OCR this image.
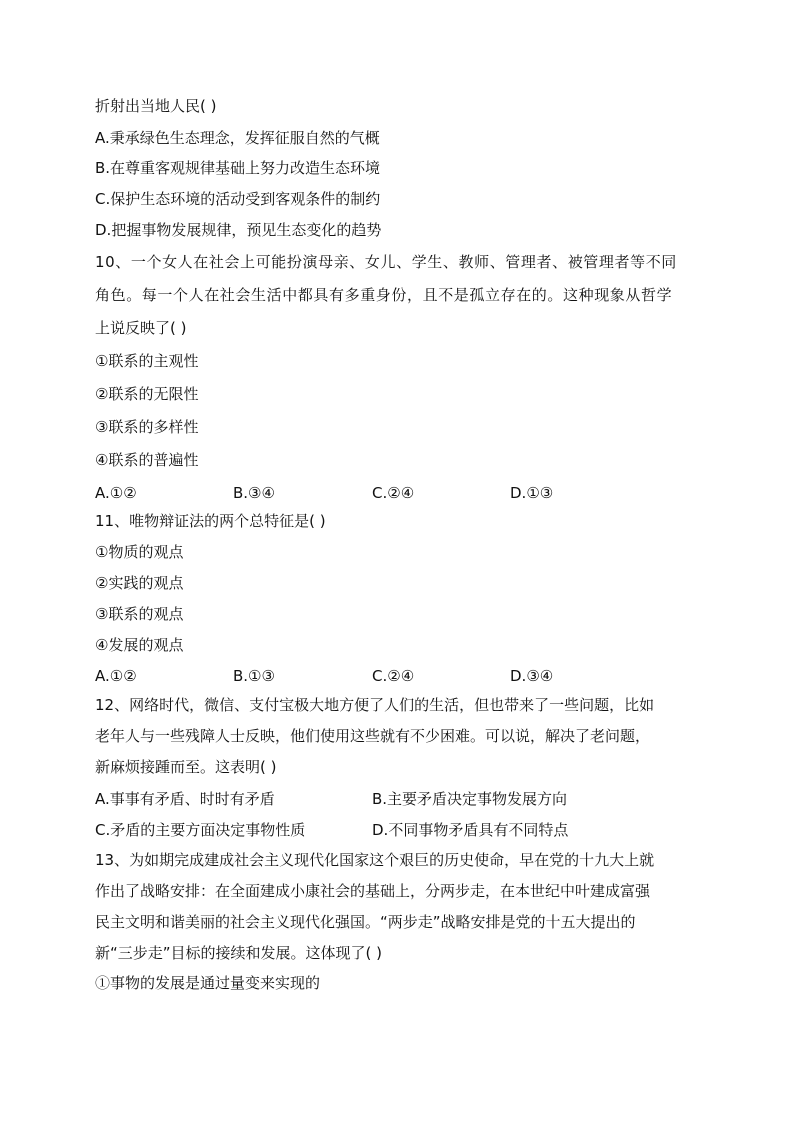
折射出当地人民( )
A.秉承绿色生态理念，发挥征服自然的气概
B.在尊重客观规律基础上努力改造生态环境
C.保护生态环境的活动受到客观条件的制约
D.把握事物发展规律，预见生态变化的趋势
10、一个女人在社会上可能扮演母亲、女儿、学生、教师、管理者、被管理者等不同
角色。每一个人在社会生活中都具有多重身份，且不是孤立存在的。这种现象从哲学
上说反映了( )
①联系的主观性
②联系的无限性
③联系的多样性
④联系的普遍性
A.①②	B.③④	C.②④	D.①③
11、唯物辩证法的两个总特征是( )
①物质的观点
②实践的观点
③联系的观点
④发展的观点
A.①②	B.①③	C.②④	D.③④
12、网络时代，微信、支付宝极大地方便了人们的生活，但也带来了一些问题，比如
老年人与一些残障人士反映，他们使用这些就有不少困难。可以说，解决了老问题，
新麻烦接踵而至。这表明( )
A.事事有矛盾、时时有矛盾	B.主要矛盾决定事物发展方向
C.矛盾的主要方面决定事物性质	D.不同事物矛盾具有不同特点
13、为如期完成建成社会主义现代化国家这个艰巨的历史使命，早在党的十九大上就
作出了战略安排：在全面建成小康社会的基础上，分两步走，在本世纪中叶建成富强
民主文明和谐美丽的社会主义现代化强国。“两步走”战略安排是党的十五大提出的
新“三步走”目标的接续和发展。这体现了( )
①事物的发展是通过量变来实现的
